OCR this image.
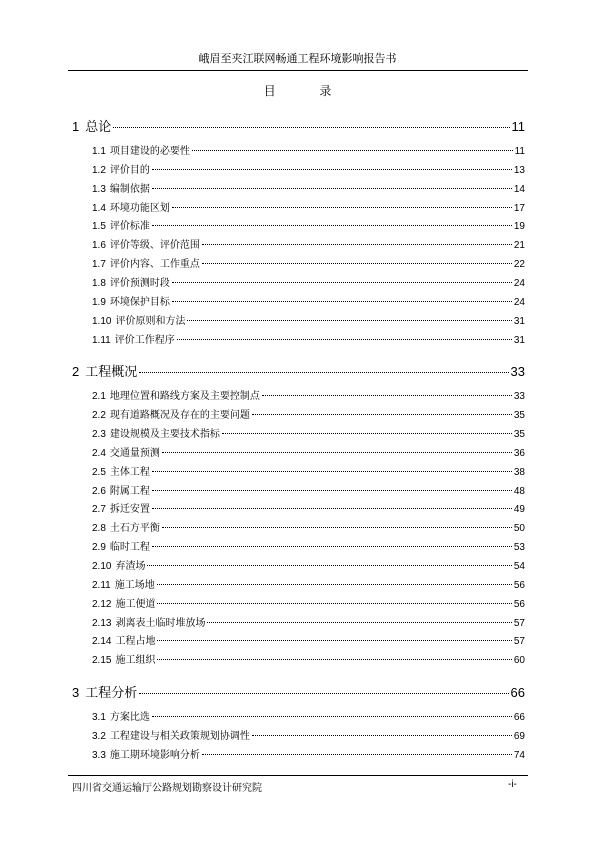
峨眉至夹江联网畅通工程环境影响报告书
目 录
1 总论	11
1.1 项目建设的必要性	11
1.2 评价目的	13
1.3 编制依据	14
1.4 环境功能区划	17
1.5 评价标准	19
1.6 评价等级、评价范围	21
1.7 评价内容、工作重点	22
1.8 评价预测时段	24
1.9 环境保护目标	24
1.10 评价原则和方法	31
1.11 评价工作程序	31
2 工程概况	33
2.1 地理位置和路线方案及主要控制点	33
2.2 现有道路概况及存在的主要问题	35
2.3 建设规模及主要技术指标	35
2.4 交通量预测	36
2.5 主体工程	38
2.6 附属工程	48
2.7 拆迁安置	49
2.8 土石方平衡	50
2.9 临时工程	53
2.10 弃渣场	54
2.11 施工场地	56
2.12 施工便道	56
2.13 剥离表土临时堆放场	57
2.14 工程占地	57
2.15 施工组织	60
3 工程分析	66
3.1 方案比选	66
3.2 工程建设与相关政策规划协调性	69
3.3 施工期环境影响分析	74
四川省交通运输厅公路规划勘察设计研究院	-i-
